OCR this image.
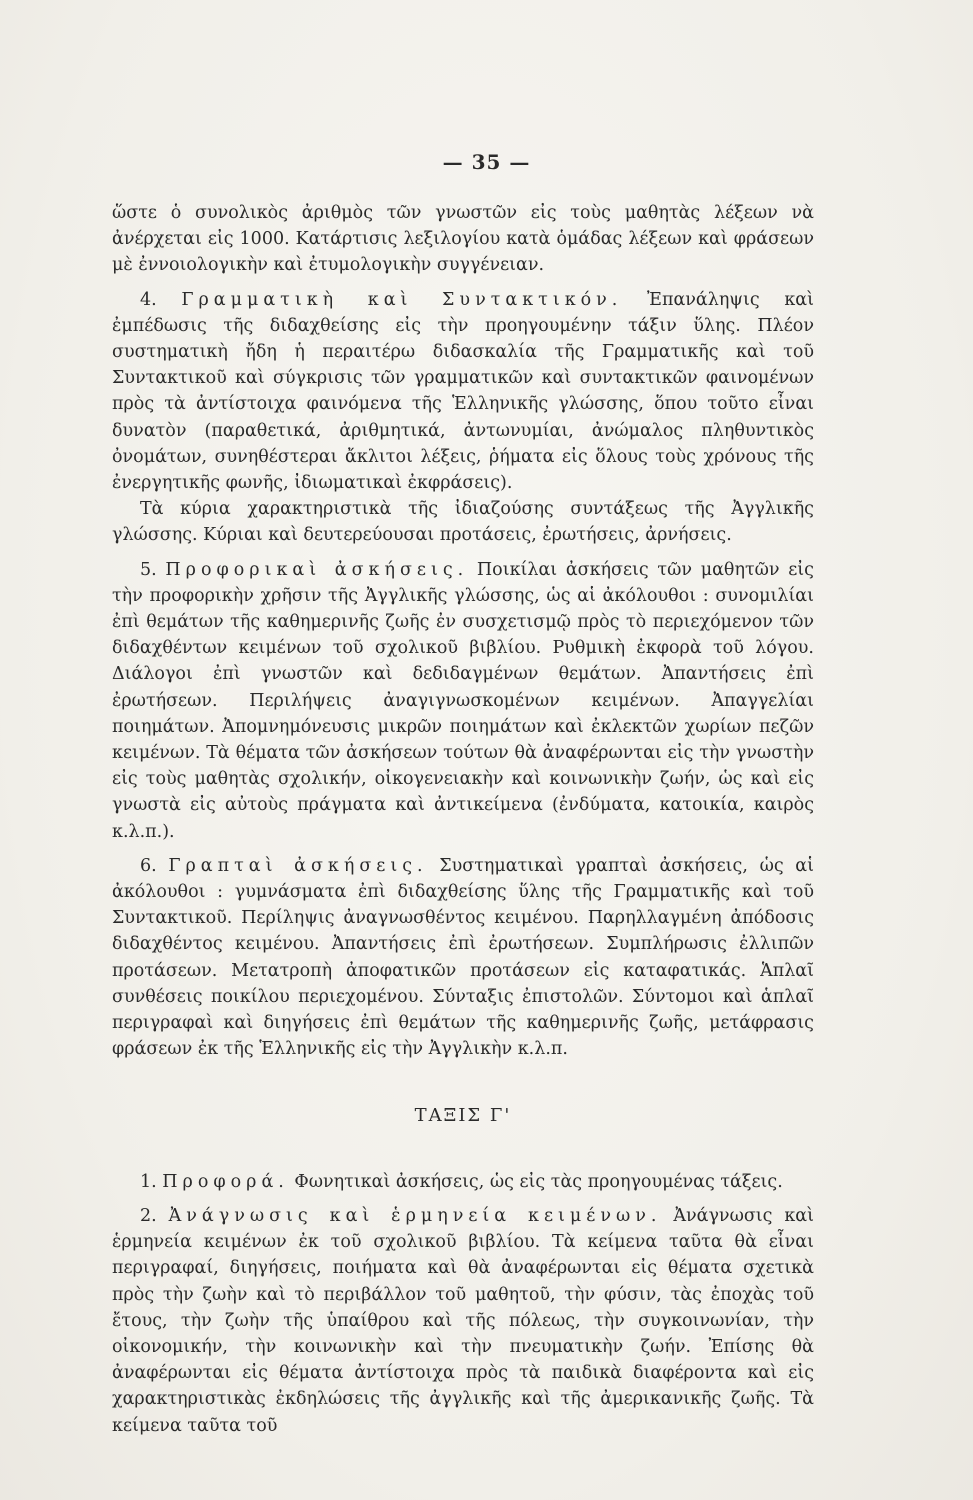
— 35 —

ὥστε ὁ συνολικὸς ἀριθμὸς τῶν γνωστῶν εἰς τοὺς μαθητὰς λέξεων νὰ ἀνέρχεται εἰς 1000. Κατάρτισις λεξιλογίου κατὰ ὁμάδας λέξεων καὶ φράσεων μὲ ἐννοιολογικὴν καὶ ἐτυμολογικὴν συγγένειαν.

4. Γραμματικὴ καὶ Συντακτικόν. Ἐπανάληψις καὶ ἐμπέδωσις τῆς διδαχθείσης εἰς τὴν προηγουμένην τάξιν ὕλης. Πλέον συστηματικὴ ἤδη ἡ περαιτέρω διδασκαλία τῆς Γραμματικῆς καὶ τοῦ Συντακτικοῦ καὶ σύγκρισις τῶν γραμματικῶν καὶ συντακτικῶν φαινομένων πρὸς τὰ ἀντίστοιχα φαινόμενα τῆς Ἑλληνικῆς γλώσσης, ὅπου τοῦτο εἶναι δυνατὸν (παραθετικά, ἀριθμητικά, ἀντωνυμίαι, ἀνώμαλος πληθυντικὸς ὀνομάτων, συνηθέστεραι ἄκλιτοι λέξεις, ῥήματα εἰς ὅλους τοὺς χρόνους τῆς ἐνεργητικῆς φωνῆς, ἰδιωματικαὶ ἐκφράσεις).

Τὰ κύρια χαρακτηριστικὰ τῆς ἰδιαζούσης συντάξεως τῆς Ἀγγλικῆς γλώσσης. Κύριαι καὶ δευτερεύουσαι προτάσεις, ἐρωτήσεις, ἀρνήσεις.

5. Προφορικαὶ ἀσκήσεις. Ποικίλαι ἀσκήσεις τῶν μαθητῶν εἰς τὴν προφορικὴν χρῆσιν τῆς Ἀγγλικῆς γλώσσης, ὡς αἱ ἀκόλουθοι : συνομιλίαι ἐπὶ θεμάτων τῆς καθημερινῆς ζωῆς ἐν συσχετισμῷ πρὸς τὸ περιεχόμενον τῶν διδαχθέντων κειμένων τοῦ σχολικοῦ βιβλίου. Ρυθμικὴ ἐκφορὰ τοῦ λόγου. Διάλογοι ἐπὶ γνωστῶν καὶ δεδιδαγμένων θεμάτων. Ἀπαντήσεις ἐπὶ ἐρωτήσεων. Περιλήψεις ἀναγιγνωσκομένων κειμένων. Ἀπαγγελίαι ποιημάτων. Ἀπομνημόνευσις μικρῶν ποιημάτων καὶ ἐκλεκτῶν χωρίων πεζῶν κειμένων. Τὰ θέματα τῶν ἀσκήσεων τούτων θὰ ἀναφέρωνται εἰς τὴν γνωστὴν εἰς τοὺς μαθητὰς σχολικήν, οἰκογενειακὴν καὶ κοινωνικὴν ζωήν, ὡς καὶ εἰς γνωστὰ εἰς αὐτοὺς πράγματα καὶ ἀντικείμενα (ἐνδύματα, κατοικία, καιρὸς κ.λ.π.).

6. Γραπταὶ ἀσκήσεις. Συστηματικαὶ γραπταὶ ἀσκήσεις, ὡς αἱ ἀκόλουθοι : γυμνάσματα ἐπὶ διδαχθείσης ὕλης τῆς Γραμματικῆς καὶ τοῦ Συντακτικοῦ. Περίληψις ἀναγνωσθέντος κειμένου. Παρηλλαγμένη ἀπόδοσις διδαχθέντος κειμένου. Ἀπαντήσεις ἐπὶ ἐρωτήσεων. Συμπλήρωσις ἐλλιπῶν προτάσεων. Μετατροπὴ ἀποφατικῶν προτάσεων εἰς καταφατικάς. Ἁπλαῖ συνθέσεις ποικίλου περιεχομένου. Σύνταξις ἐπιστολῶν. Σύντομοι καὶ ἁπλαῖ περιγραφαὶ καὶ διηγήσεις ἐπὶ θεμάτων τῆς καθημερινῆς ζωῆς, μετάφρασις φράσεων ἐκ τῆς Ἑλληνικῆς εἰς τὴν Ἀγγλικὴν κ.λ.π.

ΤΑΞΙΣ Γ'

1. Προφορά. Φωνητικαὶ ἀσκήσεις, ὡς εἰς τὰς προηγουμένας τάξεις.

2. Ἀνάγνωσις καὶ ἑρμηνεία κειμένων. Ἀνάγνωσις καὶ ἑρμηνεία κειμένων ἐκ τοῦ σχολικοῦ βιβλίου. Τὰ κείμενα ταῦτα θὰ εἶναι περιγραφαί, διηγήσεις, ποιήματα καὶ θὰ ἀναφέρωνται εἰς θέματα σχετικὰ πρὸς τὴν ζωὴν καὶ τὸ περιβάλλον τοῦ μαθητοῦ, τὴν φύσιν, τὰς ἐποχὰς τοῦ ἔτους, τὴν ζωὴν τῆς ὑπαίθρου καὶ τῆς πόλεως, τὴν συγκοινωνίαν, τὴν οἰκονομικήν, τὴν κοινωνικὴν καὶ τὴν πνευματικὴν ζωήν. Ἐπίσης θὰ ἀναφέρωνται εἰς θέματα ἀντίστοιχα πρὸς τὰ παιδικὰ διαφέροντα καὶ εἰς χαρακτηριστικὰς ἐκδηλώσεις τῆς ἀγγλικῆς καὶ τῆς ἀμερικανικῆς ζωῆς. Τὰ κείμενα ταῦτα τοῦ
